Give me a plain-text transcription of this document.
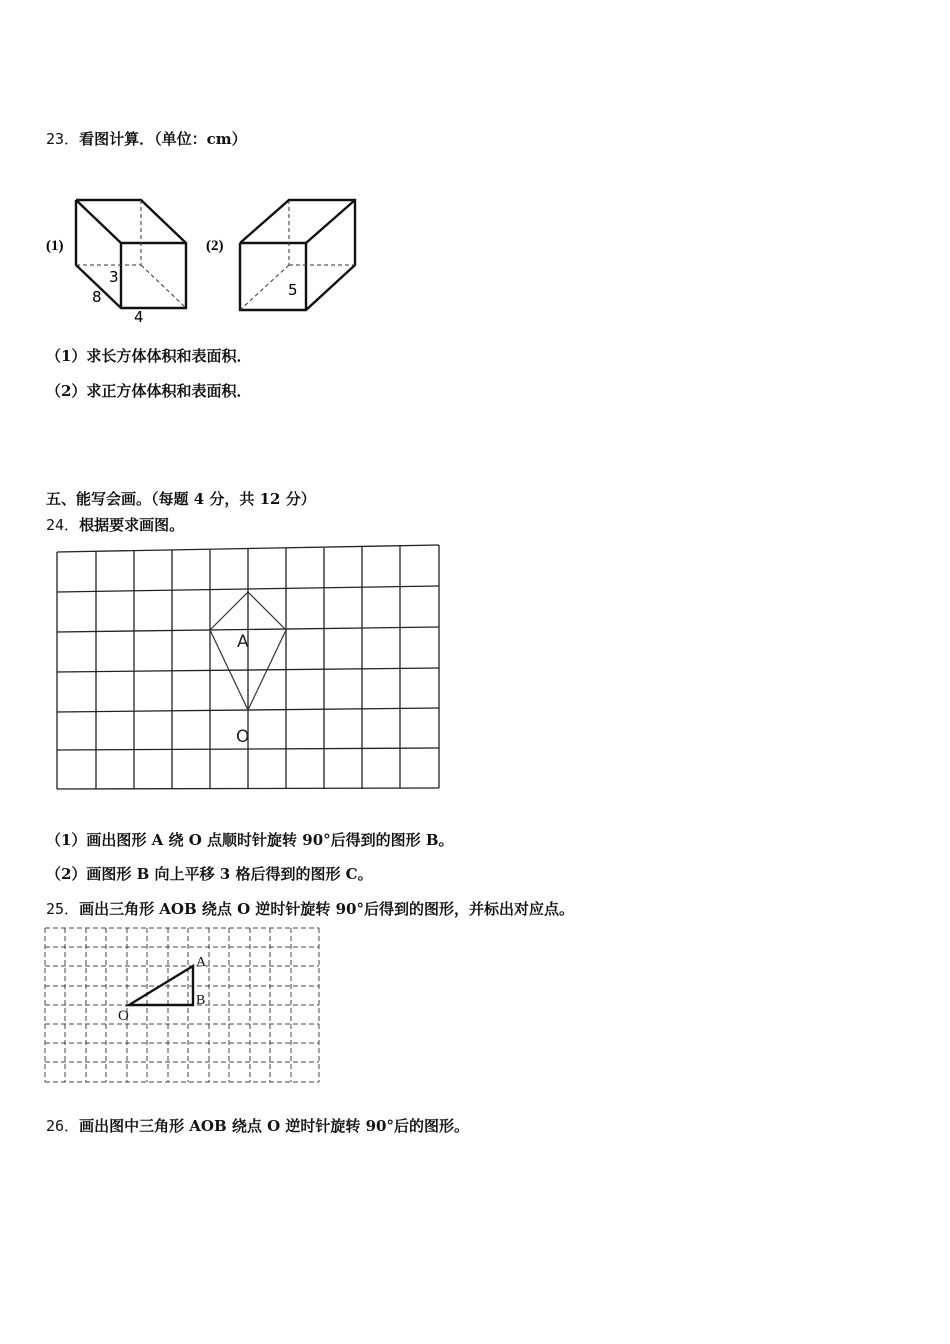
23．看图计算．（单位：cm）
(1)
3
8
4
(2)
5
（1）求长方体体积和表面积．
（2）求正方体体积和表面积．
五、能写会画。（每题 4 分，共 12 分）
24．根据要求画图。
A
O
（1）画出图形 A 绕 O 点顺时针旋转 90°后得到的图形 B。
（2）画图形 B 向上平移 3 格后得到的图形 C。
25．画出三角形 AOB 绕点 O 逆时针旋转 90°后得到的图形，并标出对应点。
A
B
O
26．画出图中三角形 AOB 绕点 O 逆时针旋转 90°后的图形。
